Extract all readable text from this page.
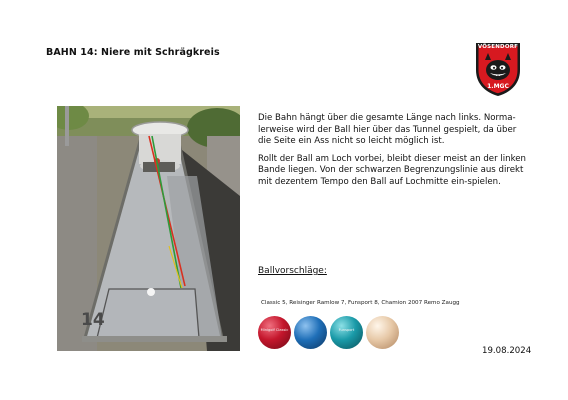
BAHN 14: Niere mit Schrägkreis	VÖSENDORF
1.MGC
14

Die Bahn hängt über die gesamte Länge nach links. Norma-lerweise wird der Ball hier über das Tunnel gespielt, da über die Seite ein Ass nicht so leicht möglich ist.

Rollt der Ball am Loch vorbei, bleibt dieser meist an der linken Bande liegen. Von der schwarzen Begrenzungslinie aus direkt mit dezentem Tempo den Ball auf Lochmitte ein-spielen.

Ballvorschläge:
Classic 5, Reisinger Ramlow 7, Funsport 8, Chamion 2007 Remo Zaugg
Minigolf Classic	Funsport
19.08.2024
